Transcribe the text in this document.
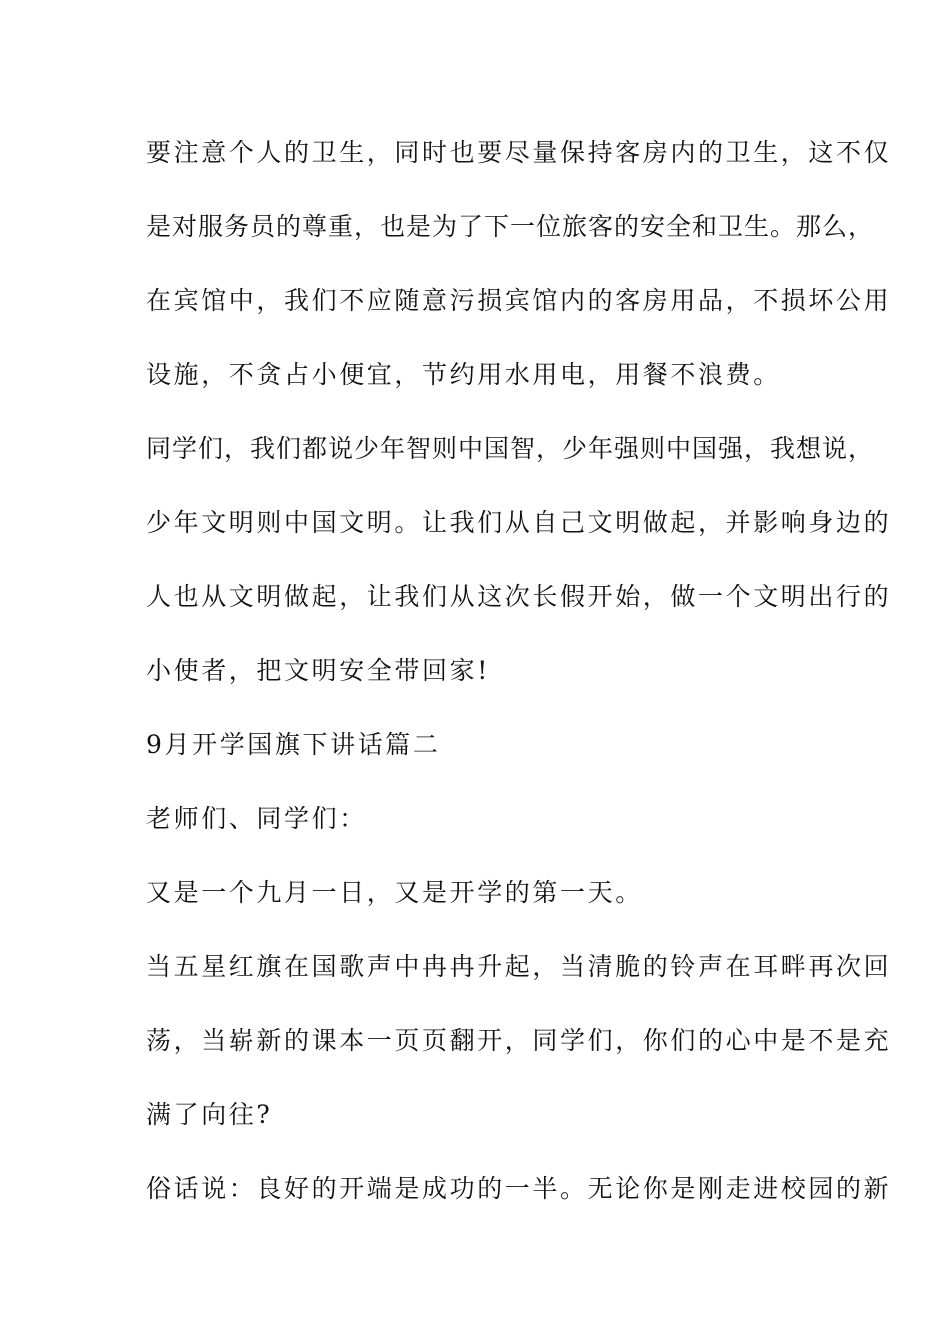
要注意个人的卫生，同时也要尽量保持客房内的卫生，这不仅
是对服务员的尊重，也是为了下一位旅客的安全和卫生。那么，
在宾馆中，我们不应随意污损宾馆内的客房用品，不损坏公用
设施，不贪占小便宜，节约用水用电，用餐不浪费。
同学们，我们都说少年智则中国智，少年强则中国强，我想说，
少年文明则中国文明。让我们从自己文明做起，并影响身边的
人也从文明做起，让我们从这次长假开始，做一个文明出行的
小使者，把文明安全带回家!
9月开学国旗下讲话篇二
老师们、同学们：
又是一个九月一日，又是开学的第一天。
当五星红旗在国歌声中冉冉升起，当清脆的铃声在耳畔再次回
荡，当崭新的课本一页页翻开，同学们，你们的心中是不是充
满了向往?
俗话说：良好的开端是成功的一半。无论你是刚走进校园的新
